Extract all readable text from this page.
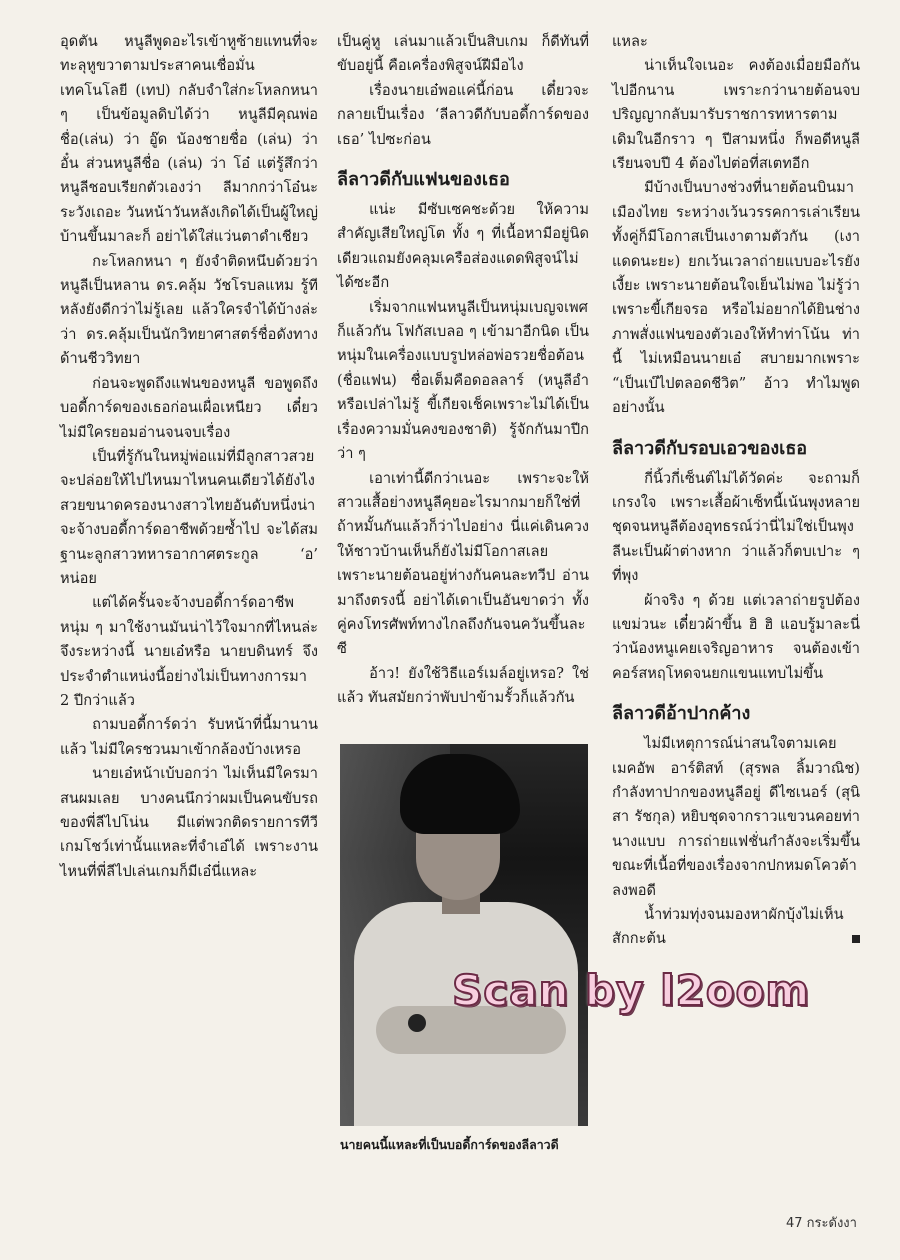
อุดตัน หนูลีพูดอะไรเข้าหูซ้ายแทนที่จะทะลุหูขวาตามประสาคนเชื่อมั่นเทคโนโลยี (เทป) กลับจำใส่กะโหลกหนา ๆ เป็นข้อมูลดิบได้ว่า หนูลีมีคุณพ่อชื่อ(เล่น) ว่า อู๊ด น้องชายชื่อ (เล่น) ว่า อั๋น ส่วนหนูลีชื่อ (เล่น) ว่า โอ๋ แต่รู้สึกว่าหนูลีชอบเรียกตัวเองว่า ลีมากกว่าโอ๋นะ ระวังเถอะ วันหน้าวันหลังเกิดได้เป็นผู้ใหญ่บ้านขึ้นมาละก็ อย่าได้ใส่แว่นตาดำเชียว

กะโหลกหนา ๆ ยังจำติดหนึบด้วยว่า หนูลีเป็นหลาน ดร.คลุ้ม วัชโรบลแหม รู้ทีหลังยังดีกว่าไม่รู้เลย แล้วใครจำได้บ้างล่ะว่า ดร.คลุ้มเป็นนักวิทยาศาสตร์ชื่อดังทางด้านชีววิทยา

ก่อนจะพูดถึงแฟนของหนูลี ขอพูดถึงบอดี้การ์ดของเธอก่อนเผื่อเหนียว เดี๋ยวไม่มีใครยอมอ่านจนจบเรื่อง

เป็นที่รู้กันในหมู่พ่อแม่ที่มีลูกสาวสวย จะปล่อยให้ไปไหนมาไหนคนเดียวได้ยังไง สวยขนาดครองนางสาวไทยอันดับหนึ่งน่าจะจ้างบอดี้การ์ดอาชีพด้วยซ้ำไป จะได้สมฐานะลูกสาวทหารอากาศตระกูล ‘อ’ หน่อย

แต่ได้ครั้นจะจ้างบอดี้การ์ดอาชีพหนุ่ม ๆ มาใช้งานมันน่าไว้ใจมากที่ไหนล่ะ จึงระหว่างนี้ นายเอ๋หรือ นายบดินทร์ จึงประจำตำแหน่งนี้อย่างไม่เป็นทางการมา 2 ปีกว่าแล้ว

ถามบอดี้การ์ดว่า รับหน้าที่นี้มานานแล้ว ไม่มีใครชวนมาเข้ากล้องบ้างเหรอ

นายเอ๋หน้าเบ้บอกว่า ไม่เห็นมีใครมาสนผมเลย บางคนนึกว่าผมเป็นคนขับรถของพี่ลีไปโน่น มีแต่พวกติดรายการทีวีเกมโชว์เท่านั้นแหละที่จำเอ๋ได้ เพราะงานไหนที่พี่ลีไปเล่นเกมก็มีเอ๋นี่แหละ

เป็นคู่หู เล่นมาแล้วเป็นสิบเกม ก็ดีทันที่ขับอยู่นี้ คือเครื่องพิสูจน์ฝีมือไง

เรื่องนายเอ๋พอแค่นี้ก่อน เดี๋ยวจะกลายเป็นเรื่อง ‘ลีลาวดีกับบอดี้การ์ดของเธอ’ ไปซะก่อน

ลีลาวดีกับแฟนของเธอ

แน่ะ มีซับเซคชะด้วย ให้ความสำคัญเสียใหญ่โต ทั้ง ๆ ที่เนื้อหามีอยู่นิดเดียวแถมยังคลุมเครือส่องแดดพิสูจน์ไม่ได้ซะอีก

เริ่มจากแฟนหนูลีเป็นหนุ่มเบญจเพศก็แล้วกัน โฟกัสเบลอ ๆ เข้ามาอีกนิด เป็นหนุ่มในเครื่องแบบรูปหล่อพ่อรวยชื่อต้อน (ชื่อแฟน) ชื่อเต็มคือดอลลาร์ (หนูลีอำหรือเปล่าไม่รู้ ขี้เกียจเช็คเพราะไม่ได้เป็นเรื่องความมั่นคงของชาติ) รู้จักกันมาปีกว่า ๆ

เอาเท่านี้ดีกว่าเนอะ เพราะจะให้สาวแสื้อย่างหนูลีคุยอะไรมากมายก็ใช่ที่ ถ้าหมั้นกันแล้วก็ว่าไปอย่าง นี่แค่เดินควงให้ชาวบ้านเห็นก็ยังไม่มีโอกาสเลย เพราะนายต้อนอยู่ห่างกันคนละทวีป อ่านมาถึงตรงนี้ อย่าได้เดาเป็นอันขาดว่า ทั้งคู่คงโทรศัพท์ทางไกลถึงกันจนควันขึ้นละซี

อ้าว! ยังใช้วิธีแอร์เมล์อยู่เหรอ? ใช่แล้ว ทันสมัยกว่าพับปาข้ามรั้วก็แล้วกัน

นายคนนี้แหละที่เป็นบอดี้การ์ดของลีลาวดี

แหละ

น่าเห็นใจเนอะ คงต้องเมื่อยมือกันไปอีกนาน เพราะกว่านายต้อนจบปริญญากลับมารับราชการทหารตามเดิมในอีกราว ๆ ปีสามหนึ่ง ก็พอดีหนูลีเรียนจบปี 4 ต้องไปต่อที่สเตทอีก

มีบ้างเป็นบางช่วงที่นายต้อนบินมาเมืองไทย ระหว่างเว้นวรรคการเล่าเรียน ทั้งคู่ก็มีโอกาสเป็นเงาตามตัวกัน (เงาแดดนะยะ) ยกเว้นเวลาถ่ายแบบอะไรยังเงี้ยะ เพราะนายต้อนใจเย็นไม่พอ ไม่รู้ว่าเพราะขี้เกียจรอ หรือไม่อยากได้ยินช่างภาพสั่งแฟนของตัวเองให้ทำท่าโน้น ท่านี้ ไม่เหมือนนายเอ๋ สบายมากเพราะ “เป็นเบ๊ไปตลอดชีวิต” อ้าว ทำไมพูดอย่างนั้น

ลีลาวดีกับรอบเอวของเธอ

กี่นิ้วกี่เซ็นต์ไม่ได้วัดค่ะ จะถามก็เกรงใจ เพราะเสื้อผ้าเซ็ทนี้เน้นพุงหลายชุดจนหนูลีต้องอุทธรณ์ว่านี่ไม่ใช่เป็นพุงลีนะเป็นผ้าต่างหาก ว่าแล้วก็ตบเปาะ ๆ ที่พุง

ผ้าจริง ๆ ด้วย แต่เวลาถ่ายรูปต้องแขม่วนะ เดี๋ยวผ้าขึ้น ฮิ ฮิ แอบรู้มาละนี่ว่าน้องหนูเคยเจริญอาหาร จนต้องเข้าคอร์สหฤโหดจนยกแขนแทบไม่ขึ้น

ลีลาวดีอ้าปากค้าง

ไม่มีเหตุการณ์น่าสนใจตามเคย เมคอัพ อาร์ติสท์ (สุรพล ลิ้มวาณิช) กำลังทาปากของหนูลีอยู่ ดีไซเนอร์ (สุนิสา รัชกุล) หยิบชุดจากราวแขวนคอยท่านางแบบ การถ่ายแฟชั่นกำลังจะเริ่มขึ้น ขณะที่เนื้อที่ของเรื่องจากปกหมดโควต้าลงพอดี

น้ำท่วมทุ่งจนมองหาผักบุ้งไม่เห็นสักกะต้น

Scan by l2oom
47 กระดังงา
